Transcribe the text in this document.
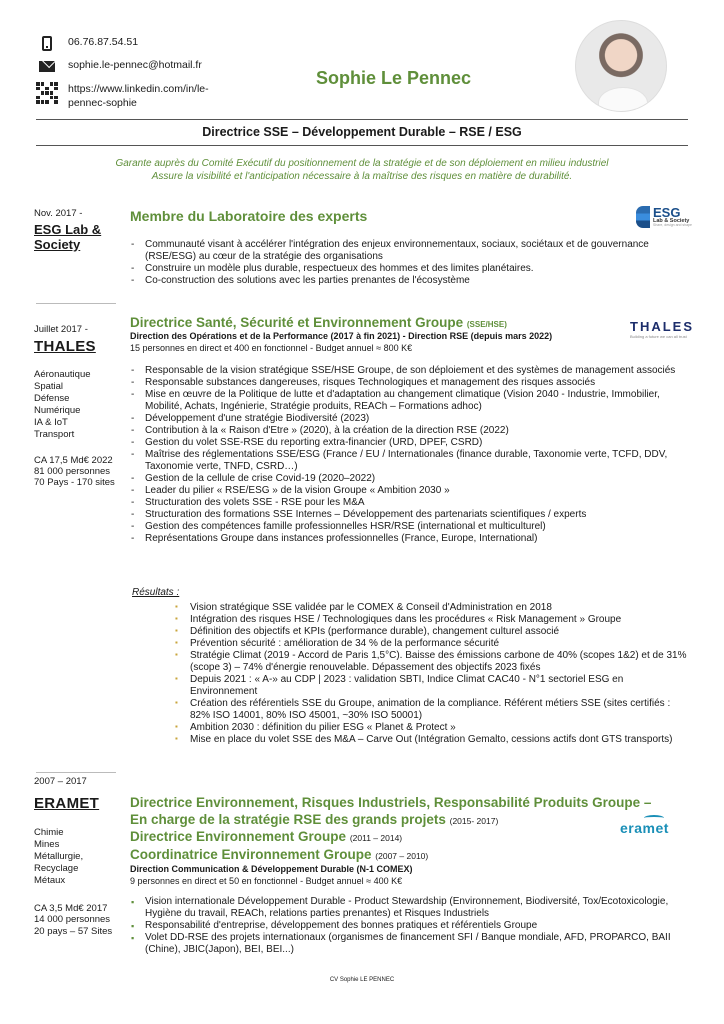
06.76.87.54.51
sophie.le-pennec@hotmail.fr
https://www.linkedin.com/in/le-
pennec-sophie
Sophie Le Pennec
Directrice SSE – Développement Durable – RSE / ESG
Garante auprès du Comité Exécutif du positionnement de la stratégie et de son déploiement en milieu industriel
Assure la visibilité et l'anticipation nécessaire à la maîtrise des risques en matière de durabilité.
Nov. 2017 -
ESG Lab &
Society
Membre du Laboratoire des experts	ESG
Lab & Society
Share, design and shape
- Communauté visant à accélérer l'intégration des enjeux environnementaux, sociaux, sociétaux et de gouvernance (RSE/ESG) au cœur de la stratégie des organisations
- Construire un modèle plus durable, respectueux des hommes et des limites planétaires.
- Co-construction des solutions avec les parties prenantes de l'écosystème
Juillet 2017 -
THALES
Aéronautique
Spatial
Défense
Numérique
IA & IoT
Transport
CA 17,5 Md€ 2022
81 000 personnes
70 Pays - 170 sites
Directrice Santé, Sécurité et Environnement Groupe (SSE/HSE)	THALES
Building a future we can all trust
Direction des Opérations et de la Performance (2017 à fin 2021) - Direction RSE (depuis mars 2022)
15 personnes en direct et 400 en fonctionnel - Budget annuel ≈ 800 K€
- Responsable de la vision stratégique SSE/HSE Groupe, de son déploiement et des systèmes de management associés
- Responsable substances dangereuses, risques Technologiques et management des risques associés
- Mise en œuvre de la Politique de lutte et d'adaptation au changement climatique (Vision 2040 - Industrie, Immobilier, Mobilité, Achats, Ingénierie, Stratégie produits, REACh – Formations adhoc)
- Développement d'une stratégie Biodiversité (2023)
- Contribution à la « Raison d'Etre » (2020), à la création de la direction RSE (2022)
- Gestion du volet SSE-RSE du reporting extra-financier (URD, DPEF, CSRD)
- Maîtrise des réglementations SSE/ESG (France / EU / Internationales (finance durable, Taxonomie verte, TCFD, DDV, Taxonomie verte, TNFD, CSRD…)
- Gestion de la cellule de crise Covid-19 (2020–2022)
- Leader du pilier « RSE/ESG » de la vision Groupe « Ambition 2030 »
- Structuration des volets SSE - RSE pour les M&A
- Structuration des formations SSE Internes – Développement des partenariats scientifiques / experts
- Gestion des compétences famille professionnelles HSR/RSE (international et multiculturel)
- Représentations Groupe dans instances professionnelles (France, Europe, International)
Résultats :
▪ Vision stratégique SSE validée par le COMEX & Conseil d'Administration en 2018
▪ Intégration des risques HSE / Technologiques dans les procédures « Risk Management » Groupe
▪ Définition des objectifs et KPIs (performance durable), changement culturel associé
▪ Prévention sécurité : amélioration de 34 % de la performance sécurité
▪ Stratégie Climat (2019 - Accord de Paris 1,5°C). Baisse des émissions carbone de 40% (scopes 1&2) et de 31% (scope 3) – 74% d'énergie renouvelable. Dépassement des objectifs 2023 fixés
▪ Depuis 2021 : « A-» au CDP | 2023 : validation SBTI, Indice Climat CAC40 - N°1 sectoriel ESG en Environnement
▪ Création des référentiels SSE du Groupe, animation de la compliance. Référent métiers SSE (sites certifiés : 82% ISO 14001, 80% ISO 45001, ~30% ISO 50001)
▪ Ambition 2030 : définition du pilier ESG « Planet & Protect »
▪ Mise en place du volet SSE des M&A – Carve Out (Intégration Gemalto, cessions actifs dont GTS transports)
2007 – 2017
ERAMET
Chimie
Mines
Métallurgie,
Recyclage
Métaux
CA 3,5 Md€ 2017
14 000 personnes
20 pays – 57 Sites
Directrice Environnement, Risques Industriels, Responsabilité Produits Groupe –
En charge de la stratégie RSE des grands projets (2015- 2017)
Directrice Environnement Groupe (2011 – 2014)
Coordinatrice Environnement Groupe (2007 – 2010)
eramet
Direction Communication & Développement Durable (N-1 COMEX)
9 personnes en direct et 50 en fonctionnel - Budget annuel ≈ 400 K€
▪ Vision internationale Développement Durable - Product Stewardship (Environnement, Biodiversité, Tox/Ecotoxicologie, Hygiène du travail, REACh, relations parties prenantes) et Risques Industriels
▪ Responsabilité d'entreprise, développement des bonnes pratiques et référentiels Groupe
▪ Volet DD-RSE des projets internationaux (organismes de financement SFI / Banque mondiale, AFD, PROPARCO, BAII (Chine), JBIC(Japon), BEI, BEI...)
CV Sophie LE PENNEC
